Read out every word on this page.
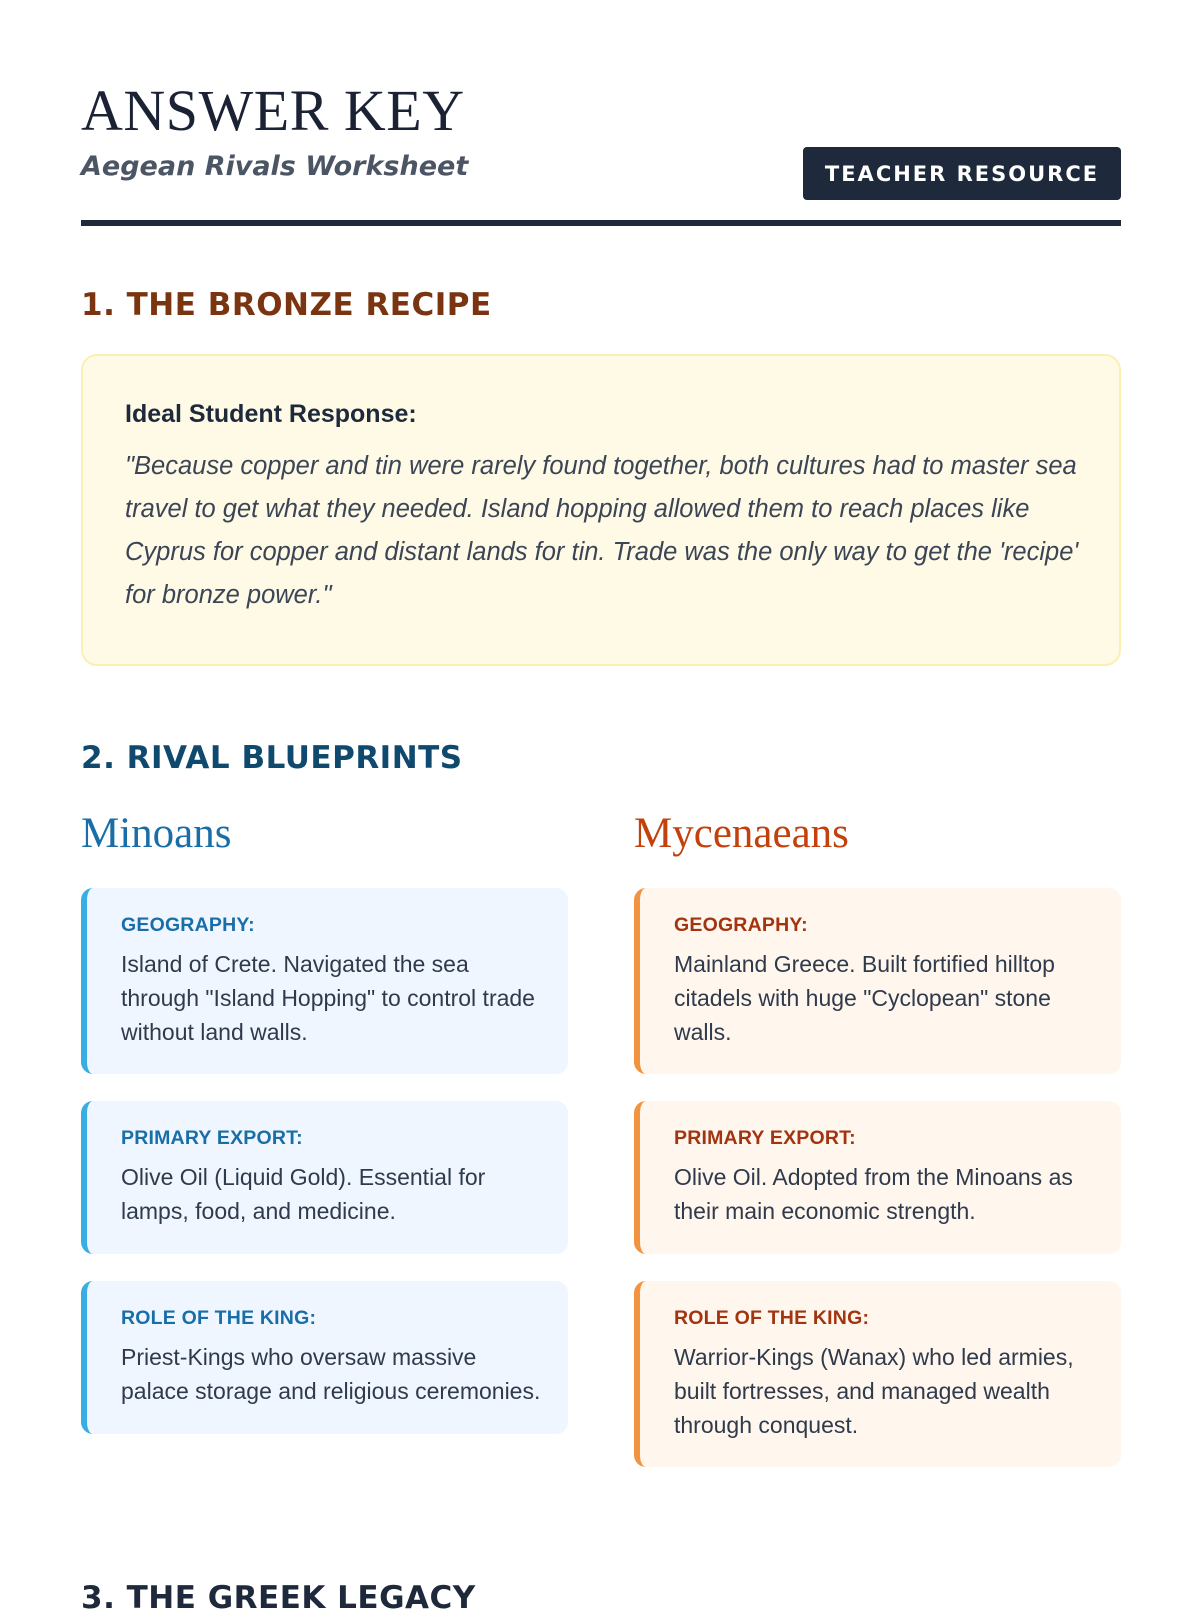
ANSWER KEY
Aegean Rivals Worksheet	TEACHER RESOURCE
1. THE BRONZE RECIPE
Ideal Student Response:
"Because copper and tin were rarely found together, both cultures had to master sea travel to get what they needed. Island hopping allowed them to reach places like Cyprus for copper and distant lands for tin. Trade was the only way to get the 'recipe' for bronze power."
2. RIVAL BLUEPRINTS
Minoans
GEOGRAPHY:
Island of Crete. Navigated the sea through "Island Hopping" to control trade without land walls.
PRIMARY EXPORT:
Olive Oil (Liquid Gold). Essential for lamps, food, and medicine.
ROLE OF THE KING:
Priest-Kings who oversaw massive palace storage and religious ceremonies.
Mycenaeans
GEOGRAPHY:
Mainland Greece. Built fortified hilltop citadels with huge "Cyclopean" stone walls.
PRIMARY EXPORT:
Olive Oil. Adopted from the Minoans as their main economic strength.
ROLE OF THE KING:
Warrior-Kings (Wanax) who led armies, built fortresses, and managed wealth through conquest.
3. THE GREEK LEGACY
